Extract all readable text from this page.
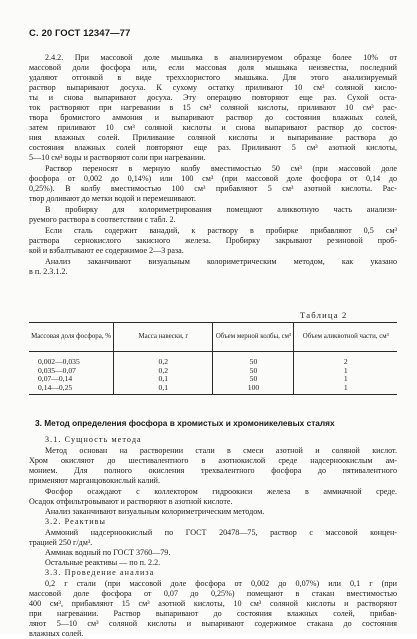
С. 20 ГОСТ 12347—77
2.4.2. При массовой доле мышьяка в анализируемом образце более 10% от
массовой доли фосфора или, если массовая доля мышьяка неизвестна, последний
удаляют отгонкой в виде треххлористого мышьяка. Для этого анализируемый
раствор выпаривают досуха. К сухому остатку приливают 10 см³ соляной кисло-
ты и снова выпаривают досуха. Эту операцию повторяют еще раз. Сухой оста-
ток растворяют при нагревании в 15 см³ соляной кислоты, приливают 10 см³ рас-
твора бромистого аммония и выпаривают раствор до состояния влажных солей,
затем приливают 10 см³ соляной кислоты и снова выпаривают раствор до состоя-
ния влажных солей. Приливание соляной кислоты и выпаривание раствора до
состояния влажных солей повторяют еще раз. Приливают 5 см³ азотной кислоты,
5—10 см³ воды и растворяют соли при нагревании.
Раствор переносят в мерную колбу вместимостью 50 см³ (при массовой доле
фосфора от 0,002 до 0,14%) или 100 см³ (при массовой доле фосфора от 0,14 до
0,25%). В колбу вместимостью 100 см³ прибавляют 5 см³ азотной кислоты. Рас-
твор доливают до метки водой и перемешивают.
В пробирку для колориметрирования помещают аликвотную часть анализи-
руемого раствора в соответствии с табл. 2.
Если сталь содержит ванадий, к раствору в пробирке прибавляют 0,5 см³
раствора сернокислого закисного железа. Пробирку закрывают резиновой проб-
кой и взбалтывают ее содержимое 2—3 раза.
Анализ заканчивают визуальным колориметрическим методом, как указано
в п. 2.3.1.2.
Таблица 2
Массовая доля фосфора, %	Масса навески, г	Объем мерной колбы, см³	Объем аликвотной части, см³

0,002—0,035	0,2	50	2
0,035—0,07	0,2	50	1
0,07—0,14	0,1	50	1
0,14—0,25	0,1	100	1
3. Метод определения фосфора в хромистых и хромоникелевых сталях
3.1. Сущность метода
Метод основан на растворении стали в смеси азотной и соляной кислот.
Хром окисляют до шестивалентного в азотнокислой среде надсерноокислым ам-
монием. Для полного окисления трехвалентного фосфора до пятивалентного
применяют марганцовокислый калий.
Фосфор осаждают с коллектором гидроокиси железа в аммиачной среде.
Осадок отфильтровывают и растворяют в азотной кислоте.
Анализ заканчивают визуальным колориметрическим методом.
3.2. Реактивы
Аммоний надсерноокислый по ГОСТ 20478—75, раствор с массовой концен-
трацией 250 г/дм³.
Аммиак водный по ГОСТ 3760—79.
Остальные реактивы — по п. 2.2.
3.3. Проведение анализа
0,2 г стали (при массовой доле фосфора от 0,002 до 0,07%) или 0,1 г (при
массовой доле фосфора от 0,07 до 0,25%) помещают в стакан вместимостью
400 см³, прибавляют 15 см³ азотной кислоты, 10 см³ соляной кислоты и растворяют
при нагревании. Раствор выпаривают до состояния влажных солей, прибав-
ляют 5—10 см³ соляной кислоты и выпаривают содержимое стакана до состояния
влажных солей.
